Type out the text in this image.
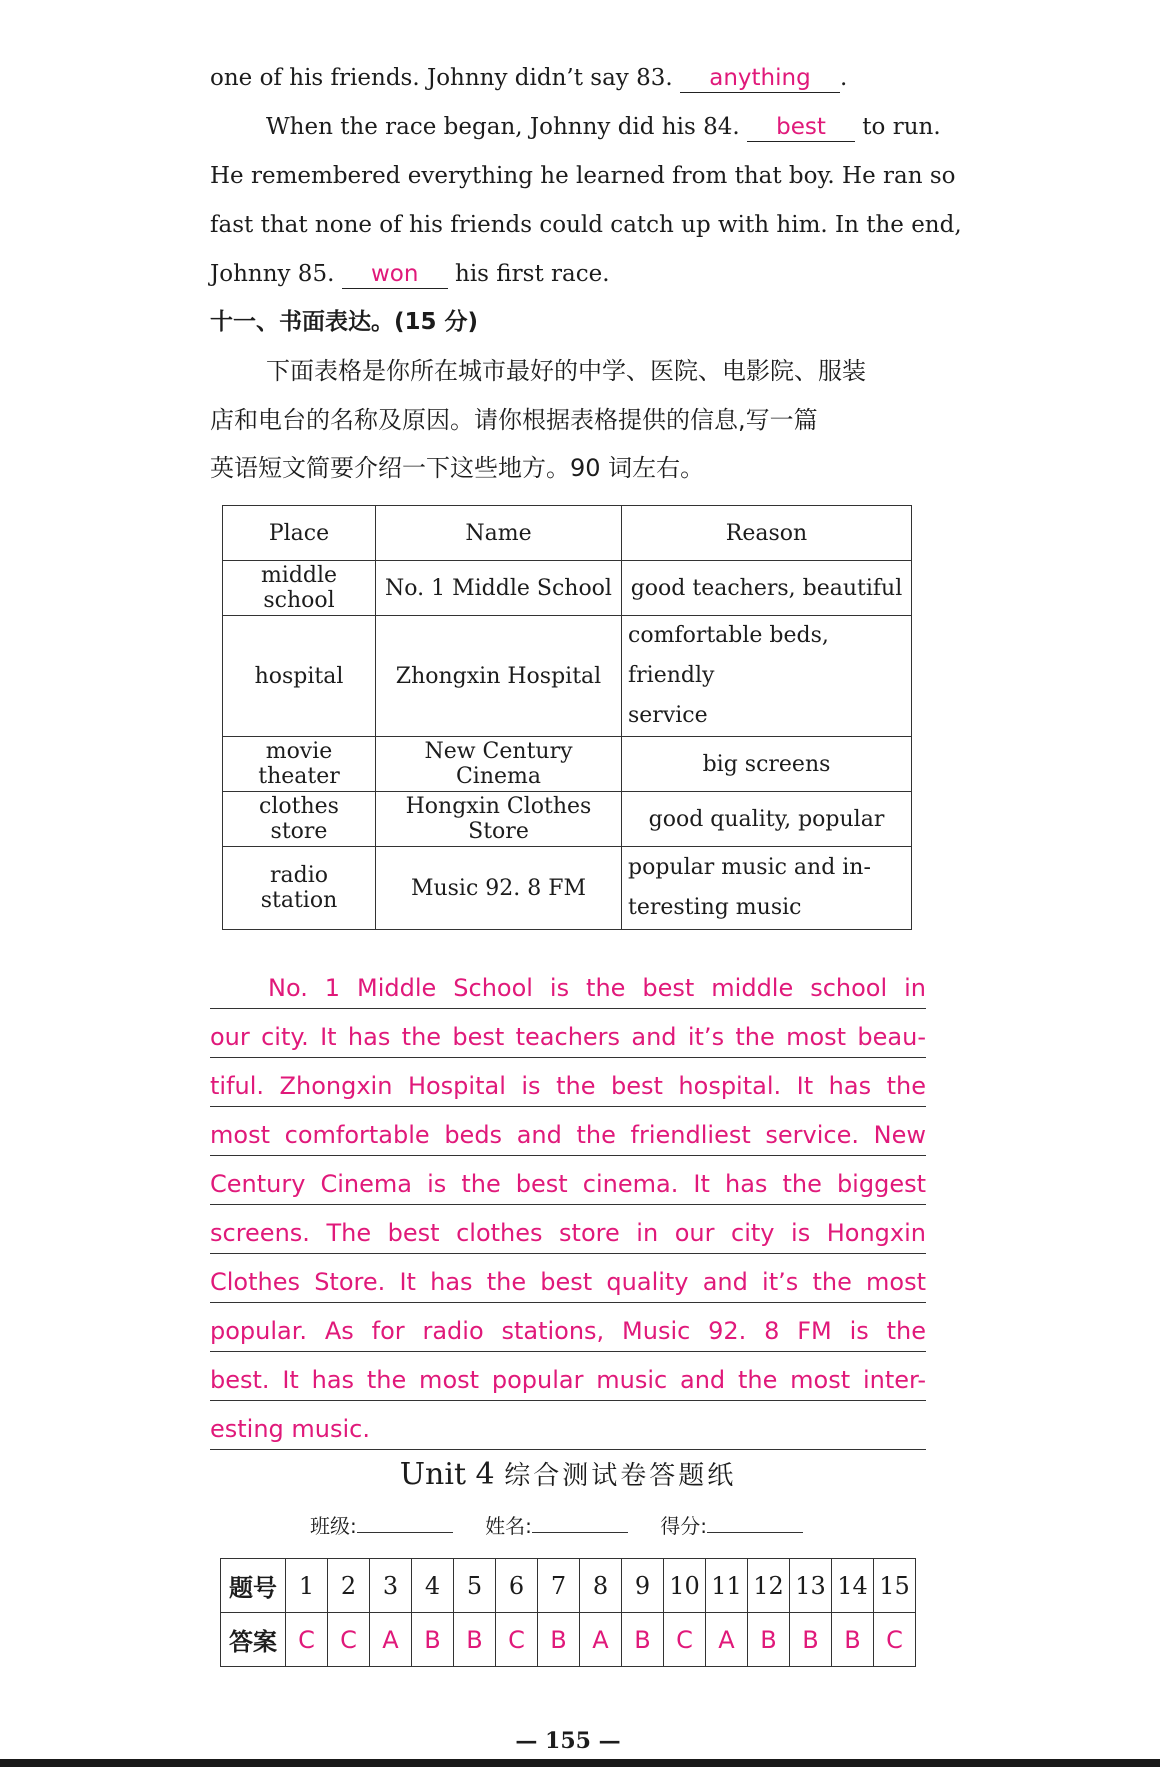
one of his friends. Johnny didn’t say 83. anything .
When the race began, Johnny did his 84. best to run.
He remembered everything he learned from that boy. He ran so
fast that none of his friends could catch up with him. In the end,
Johnny 85. won his first race.
十一、书面表达。(15 分)
下面表格是你所在城市最好的中学、医院、电影院、服装
店和电台的名称及原因。请你根据表格提供的信息,写一篇
英语短文简要介绍一下这些地方。90 词左右。
Place	Name	Reason
middle school	No. 1 Middle School	good teachers, beautiful
hospital	Zhongxin Hospital	comfortable beds, friendly
service
movie theater	New Century Cinema	big screens
clothes store	Hongxin Clothes Store	good quality, popular
radio station	Music 92. 8 FM	popular music and in-
teresting music
No. 1 Middle School is the best middle school in
our city. It has the best teachers and it’s the most beau-
tiful. Zhongxin Hospital is the best hospital. It has the
most comfortable beds and the friendliest service. New
Century Cinema is the best cinema. It has the biggest
screens. The best clothes store in our city is Hongxin
Clothes Store. It has the best quality and it’s the most
popular. As for radio stations, Music 92. 8 FM is the
best. It has the most popular music and the most inter-
esting music.
Unit 4 综合测试卷答题纸
班级:	姓名:	得分:
题号	1	2	3	4	5	6	7	8	9	10	11	12	13	14	15
答案	C	C	A	B	B	C	B	A	B	C	A	B	B	B	C
— 155 —
